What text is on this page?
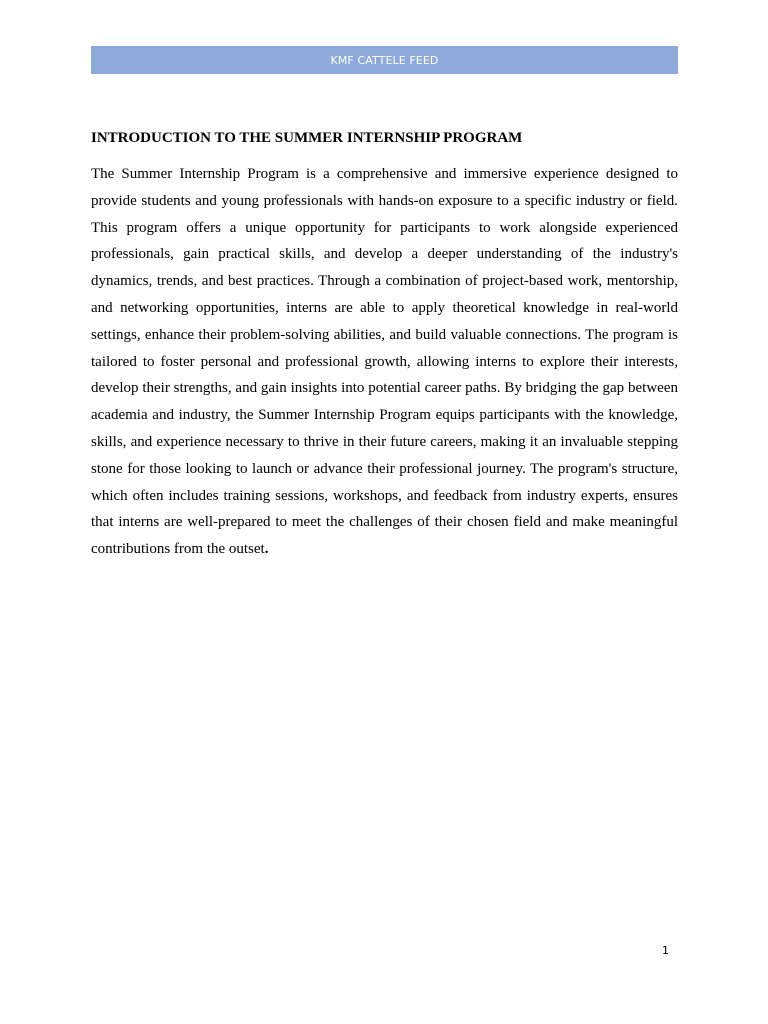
KMF CATTELE FEED
INTRODUCTION TO THE SUMMER INTERNSHIP PROGRAM

The Summer Internship Program is a comprehensive and immersive experience designed to provide students and young professionals with hands-on exposure to a specific industry or field. This program offers a unique opportunity for participants to work alongside experienced professionals, gain practical skills, and develop a deeper understanding of the industry's dynamics, trends, and best practices. Through a combination of project-based work, mentorship, and networking opportunities, interns are able to apply theoretical knowledge in real-world settings, enhance their problem-solving abilities, and build valuable connections. The program is tailored to foster personal and professional growth, allowing interns to explore their interests, develop their strengths, and gain insights into potential career paths. By bridging the gap between academia and industry, the Summer Internship Program equips participants with the knowledge, skills, and experience necessary to thrive in their future careers, making it an invaluable stepping stone for those looking to launch or advance their professional journey. The program's structure, which often includes training sessions, workshops, and feedback from industry experts, ensures that interns are well-prepared to meet the challenges of their chosen field and make meaningful contributions from the outset.

1
